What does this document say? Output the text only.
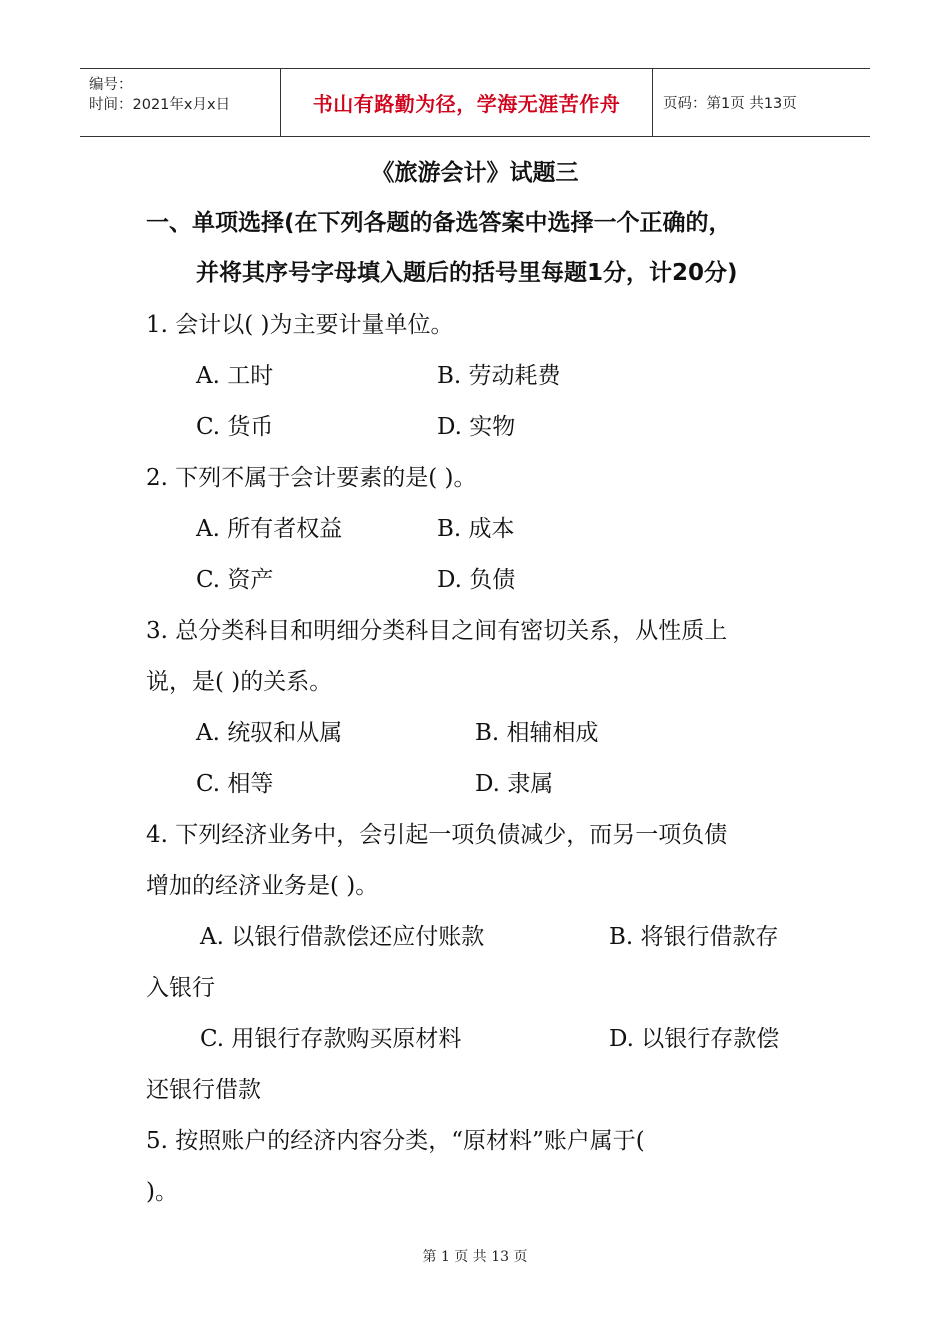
编号：
时间：2021年x月x日	书山有路勤为径，学海无涯苦作舟	页码：第1页 共13页
《旅游会计》试题三
一、单项选择(在下列各题的备选答案中选择一个正确的，
并将其序号字母填入题后的括号里每题1分，计20分)
1. 会计以( )为主要计量单位。
A. 工时	B. 劳动耗费
C. 货币	D. 实物
2. 下列不属于会计要素的是( )。
A. 所有者权益	B. 成本
C. 资产	D. 负债
3. 总分类科目和明细分类科目之间有密切关系，从性质上
说，是( )的关系。
A. 统驭和从属	B. 相辅相成
C. 相等	D. 隶属
4. 下列经济业务中，会引起一项负债减少，而另一项负债
增加的经济业务是( )。
A. 以银行借款偿还应付账款	B. 将银行借款存
入银行
C. 用银行存款购买原材料	D. 以银行存款偿
还银行借款
5. 按照账户的经济内容分类，“原材料”账户属于(
)。
第 1 页 共 13 页
